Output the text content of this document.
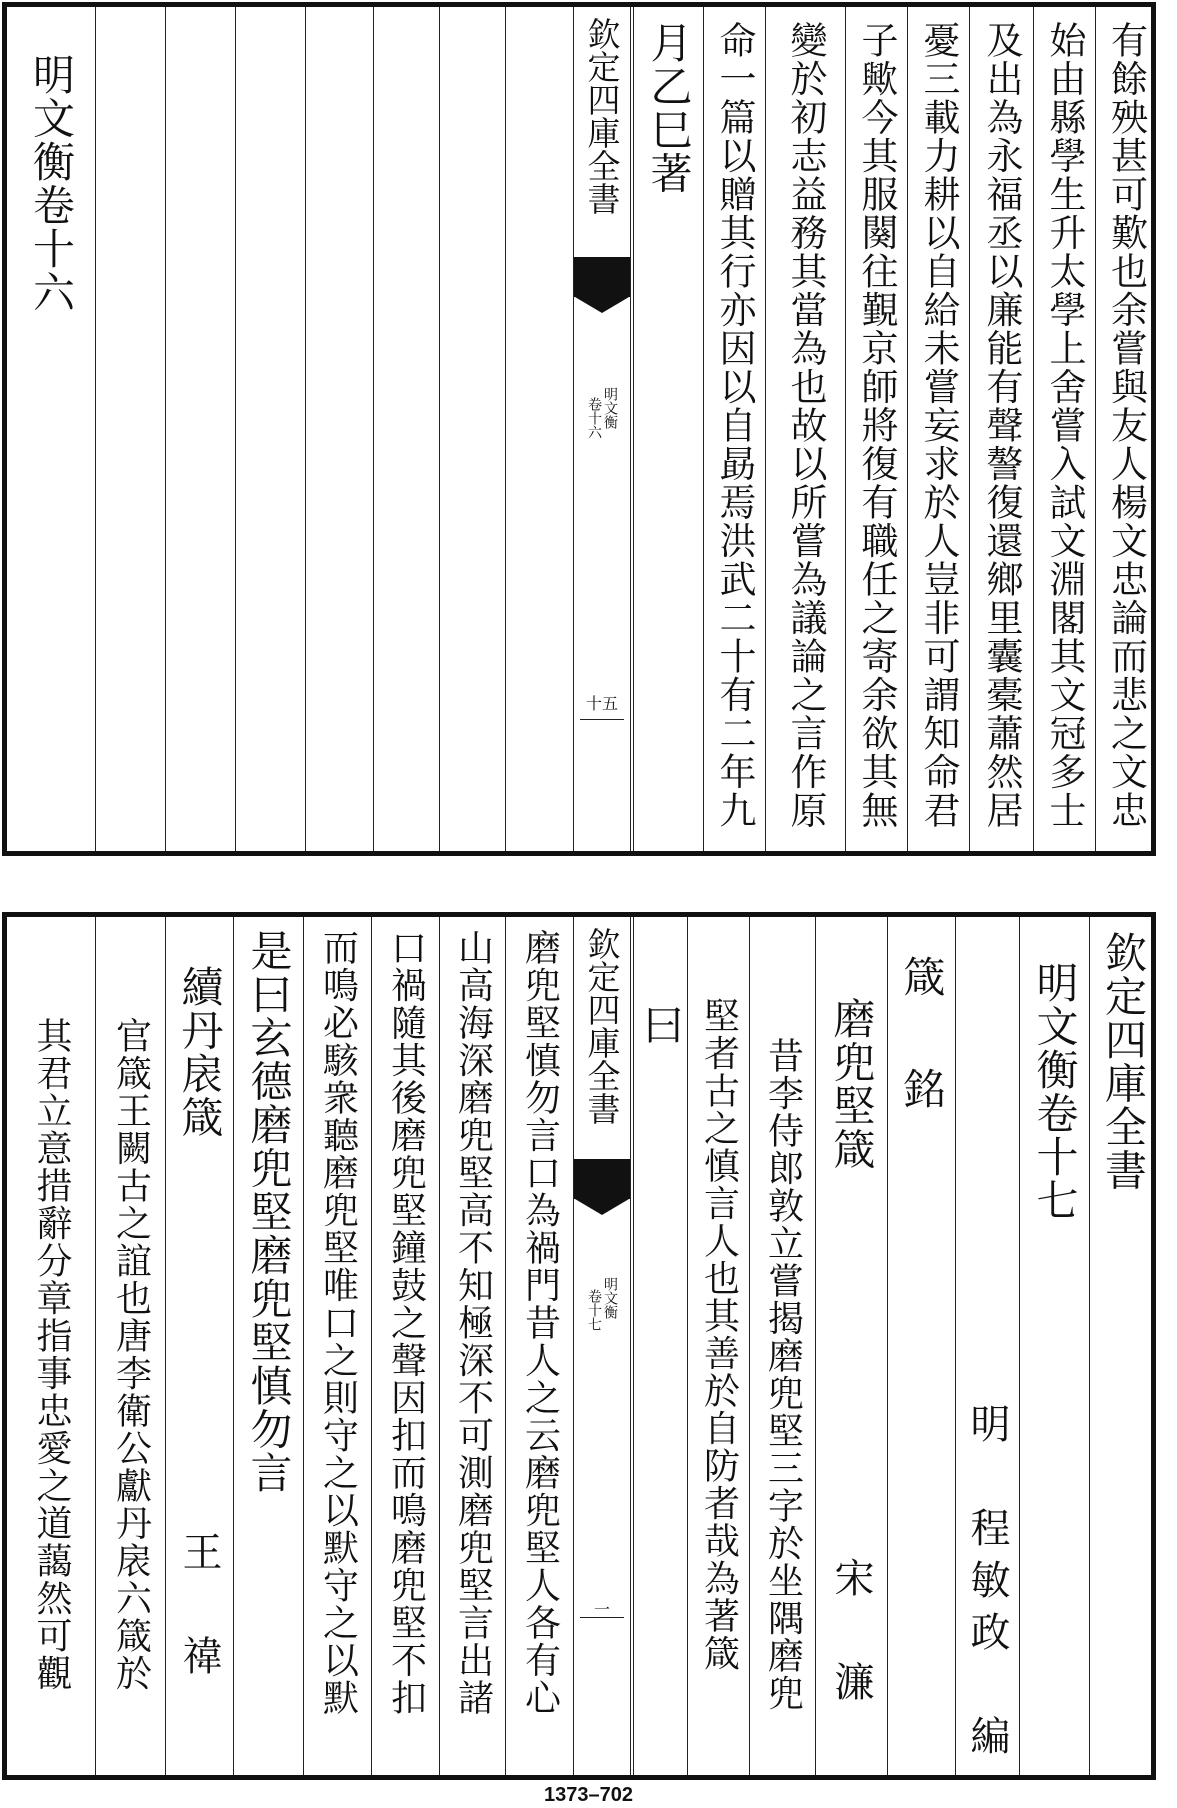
有餘殃甚可歎也余嘗與友人楊文忠論而悲之文忠
始由縣學生升太學上舍嘗入試文淵閣其文冠多士
及出為永福丞以廉能有聲謷復還鄉里囊橐蕭然居
憂三載力耕以自給未嘗妄求於人豈非可謂知命君
子歟今其服闋往覲京師將復有職任之寄余欲其無
變於初志益務其當為也故以所嘗為議論之言作原
命一篇以贈其行亦因以自勗焉洪武二十有二年九
月乙巳著
欽定四庫全書
明文衡
卷十六
十五
明文衡卷十六
欽定四庫全書
明文衡卷十七
明　程敏政　編
箴　銘
磨兜堅箴
宋　濂
昔李侍郎敦立嘗揭磨兜堅三字於坐隅磨兜
堅者古之慎言人也其善於自防者哉為著箴
曰
欽定四庫全書
明文衡
卷十七
一
磨兜堅慎勿言口為禍門昔人之云磨兜堅人各有心
山高海深磨兜堅高不知極深不可測磨兜堅言出諸
口禍隨其後磨兜堅鐘鼓之聲因扣而鳴磨兜堅不扣
而鳴必駭衆聽磨兜堅唯口之則守之以默守之以默
是曰玄德磨兜堅磨兜堅慎勿言
續丹扆箴
王　禕
官箴王闕古之誼也唐李衛公獻丹扆六箴於
其君立意措辭分章指事忠愛之道藹然可觀
1373–702
